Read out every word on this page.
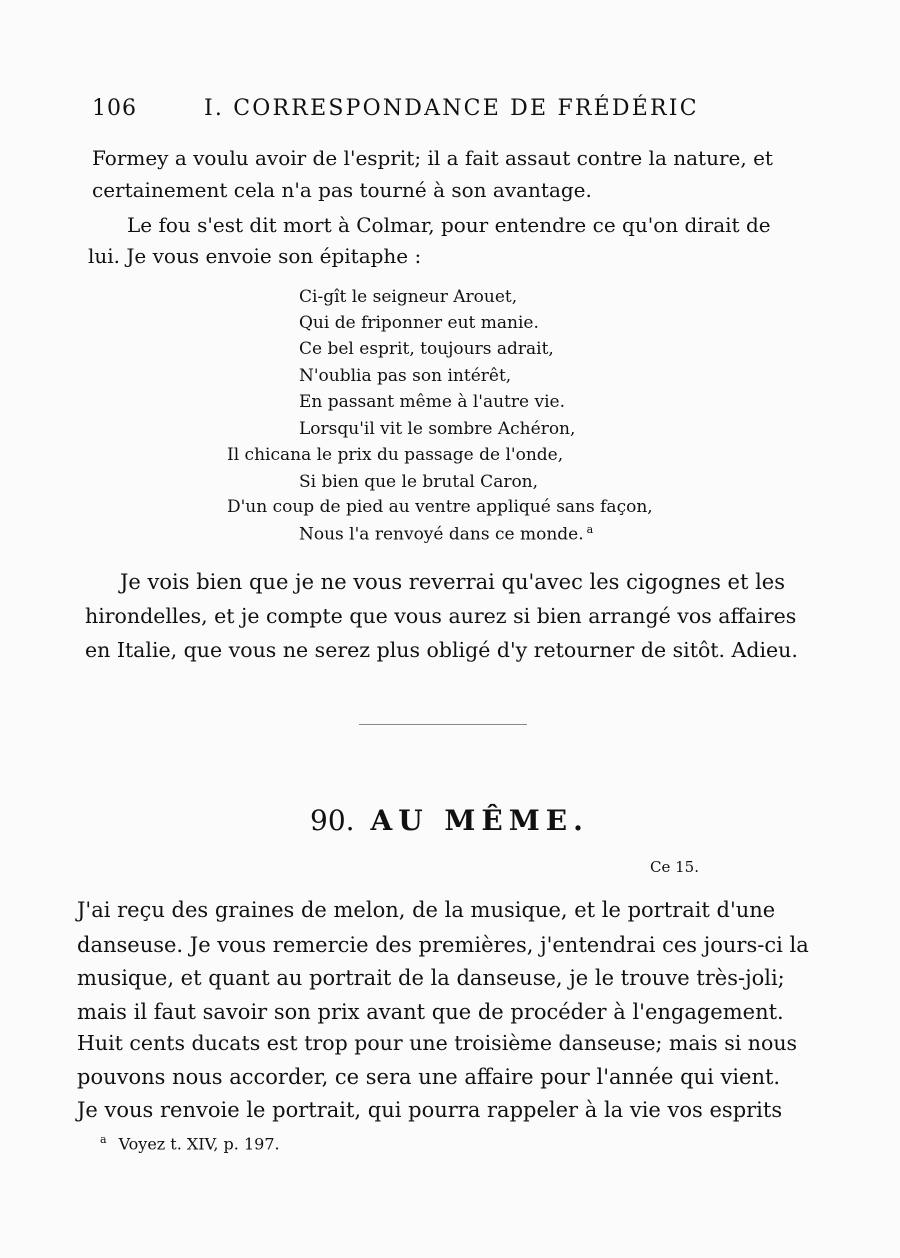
106	I. CORRESPONDANCE DE FRÉDÉRIC
Formey a voulu avoir de l'esprit; il a fait assaut contre la nature, et
certainement cela n'a pas tourné à son avantage.
Le fou s'est dit mort à Colmar, pour entendre ce qu'on dirait de
lui. Je vous envoie son épitaphe :
Ci-gît le seigneur Arouet,
Qui de friponner eut manie.
Ce bel esprit, toujours adrait,
N'oublia pas son intérêt,
En passant même à l'autre vie.
Lorsqu'il vit le sombre Achéron,
Il chicana le prix du passage de l'onde,
Si bien que le brutal Caron,
D'un coup de pied au ventre appliqué sans façon,
Nous l'a renvoyé dans ce monde. $^a$
Je vois bien que je ne vous reverrai qu'avec les cigognes et les
hirondelles, et je compte que vous aurez si bien arrangé vos affaires
en Italie, que vous ne serez plus obligé d'y retourner de sitôt. Adieu.
90. AU MÊME.
Ce 15.
J'ai reçu des graines de melon, de la musique, et le portrait d'une
danseuse. Je vous remercie des premières, j'entendrai ces jours-ci la
musique, et quant au portrait de la danseuse, je le trouve très-joli;
mais il faut savoir son prix avant que de procéder à l'engagement.
Huit cents ducats est trop pour une troisième danseuse; mais si nous
pouvons nous accorder, ce sera une affaire pour l'année qui vient.
Je vous renvoie le portrait, qui pourra rappeler à la vie vos esprits
$^a$ Voyez t. XIV, p. 197.
